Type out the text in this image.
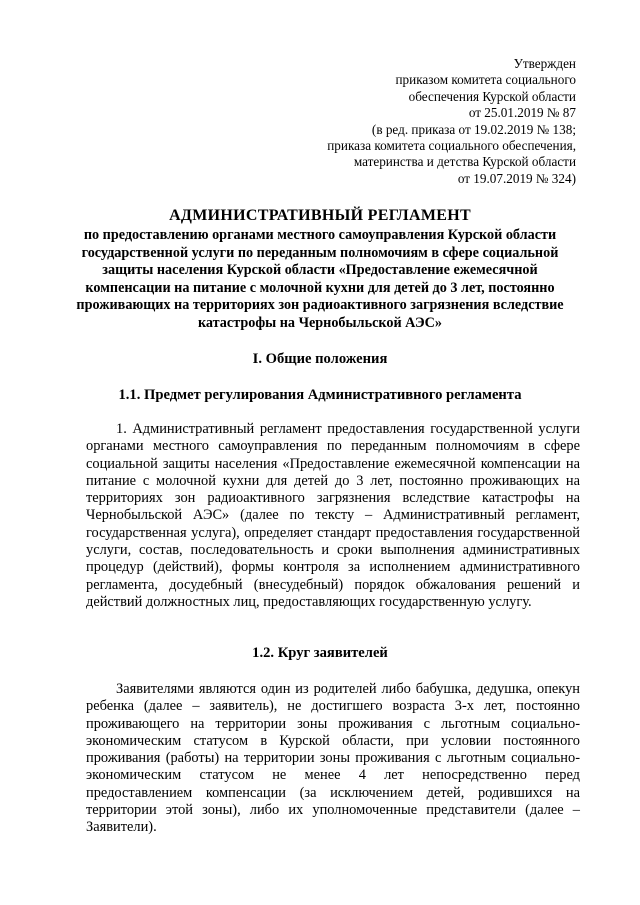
Утвержден
приказом комитета социального
обеспечения Курской области
от 25.01.2019 № 87
(в ред. приказа от 19.02.2019 № 138;
приказа комитета социального обеспечения,
материнства и детства Курской области
от 19.07.2019 № 324)
АДМИНИСТРАТИВНЫЙ РЕГЛАМЕНТ
по предоставлению органами местного самоуправления Курской области государственной услуги по переданным полномочиям в сфере социальной защиты населения Курской области «Предоставление ежемесячной компенсации на питание с молочной кухни для детей до 3 лет, постоянно проживающих на территориях зон радиоактивного загрязнения вследствие катастрофы на Чернобыльской АЭС»
I. Общие положения
1.1. Предмет регулирования Административного регламента

1. Административный регламент предоставления государственной услуги органами местного самоуправления по переданным полномочиям в сфере социальной защиты населения «Предоставление ежемесячной компенсации на питание с молочной кухни для детей до 3 лет, постоянно проживающих на территориях зон радиоактивного загрязнения вследствие катастрофы на Чернобыльской АЭС» (далее по тексту – Административный регламент, государственная услуга), определяет стандарт предоставления государственной услуги, состав, последовательность и сроки выполнения административных процедур (действий), формы контроля за исполнением административного регламента, досудебный (внесудебный) порядок обжалования решений и действий должностных лиц, предоставляющих государственную услугу.

1.2. Круг заявителей

Заявителями являются один из родителей либо бабушка, дедушка, опекун ребенка (далее – заявитель), не достигшего возраста 3-х лет, постоянно проживающего на территории зоны проживания с льготным социально-экономическим статусом в Курской области, при условии постоянного проживания (работы) на территории зоны проживания с льготным социально-экономическим статусом не менее 4 лет непосредственно перед предоставлением компенсации (за исключением детей, родившихся на территории этой зоны), либо их уполномоченные представители (далее – Заявители).
